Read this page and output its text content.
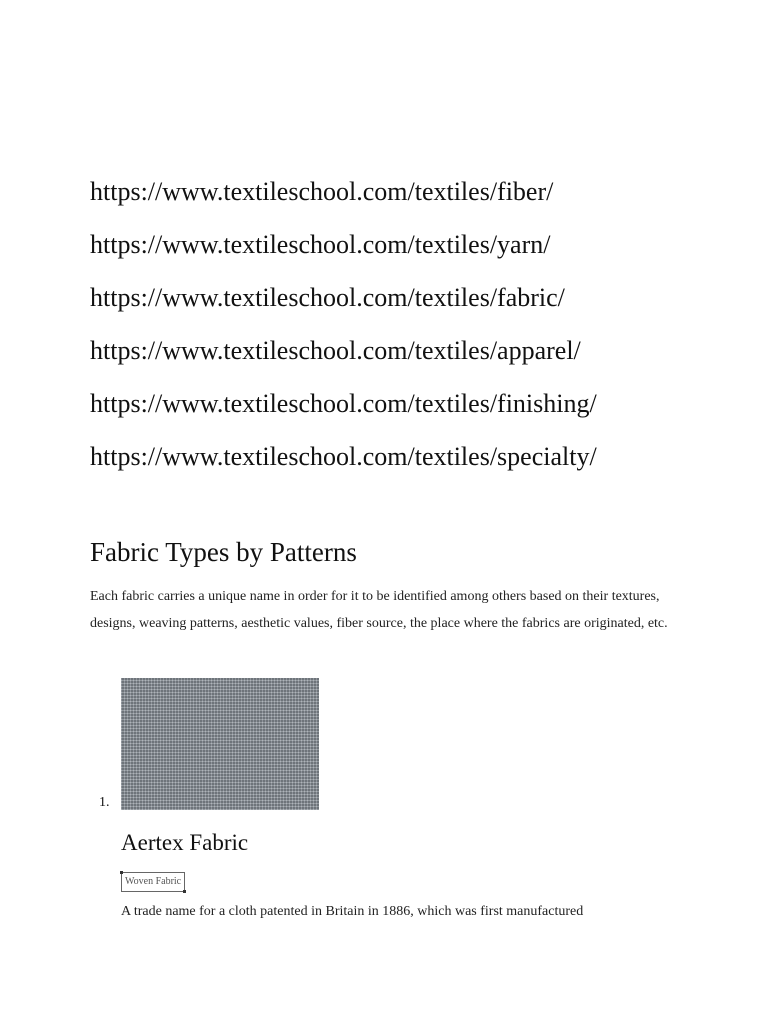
https://www.textileschool.com/textiles/fiber/
https://www.textileschool.com/textiles/yarn/
https://www.textileschool.com/textiles/fabric/
https://www.textileschool.com/textiles/apparel/
https://www.textileschool.com/textiles/finishing/
https://www.textileschool.com/textiles/specialty/
Fabric Types by Patterns

Each fabric carries a unique name in order for it to be identified among others based on their textures, designs, weaving patterns, aesthetic values, fiber source, the place where the fabrics are originated, etc.

1.
Aertex Fabric
Woven Fabric

A trade name for a cloth patented in Britain in 1886, which was first manufactured
